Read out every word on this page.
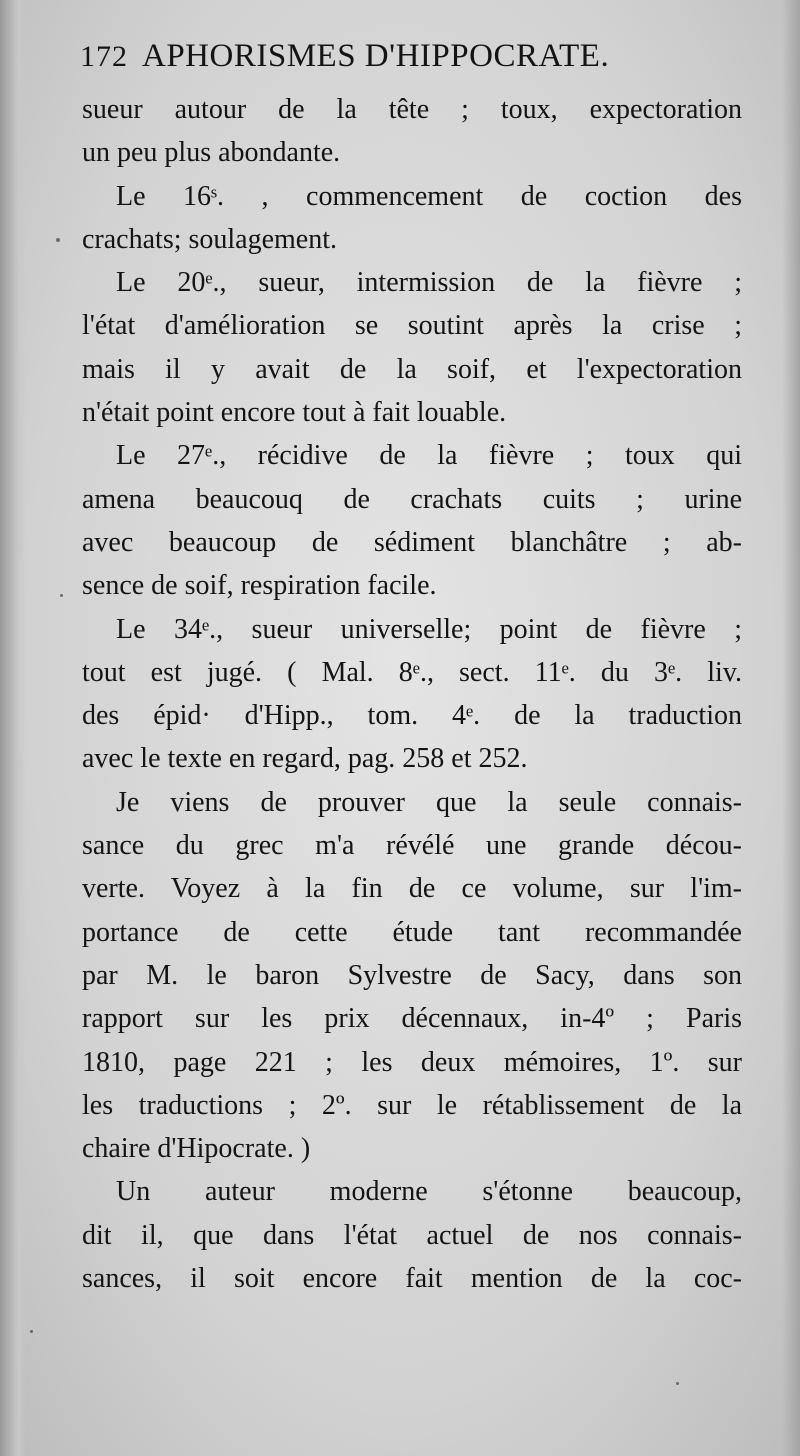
172 APHORISMES D'HIPPOCRATE.
sueur autour de la tête ; toux, expectoration
un peu plus abondante.
Le 16ˢ. , commencement de coction des
crachats; soulagement.
Le 20ᵉ., sueur, intermission de la fièvre ;
l'état d'amélioration se soutint après la crise ;
mais il y avait de la soif, et l'expectoration
n'était point encore tout à fait louable.
Le 27ᵉ., récidive de la fièvre ; toux qui
amena beaucouq de crachats cuits ; urine
avec beaucoup de sédiment blanchâtre ; ab-
sence de soif, respiration facile.
Le 34ᵉ., sueur universelle; point de fièvre ;
tout est jugé. ( Mal. 8ᵉ., sect. 11ᵉ. du 3ᵉ. liv.
des épid· d'Hipp., tom. 4ᵉ. de la traduction
avec le texte en regard, pag. 258 et 252.
Je viens de prouver que la seule connais-
sance du grec m'a révélé une grande décou-
verte. Voyez à la fin de ce volume, sur l'im-
portance de cette étude tant recommandée
par M. le baron Sylvestre de Sacy, dans son
rapport sur les prix décennaux, in-4º ; Paris
1810, page 221 ; les deux mémoires, 1º. sur
les traductions ; 2º. sur le rétablissement de la
chaire d'Hipocrate. )
Un auteur moderne s'étonne beaucoup,
dit il, que dans l'état actuel de nos connais-
sances, il soit encore fait mention de la coc-
